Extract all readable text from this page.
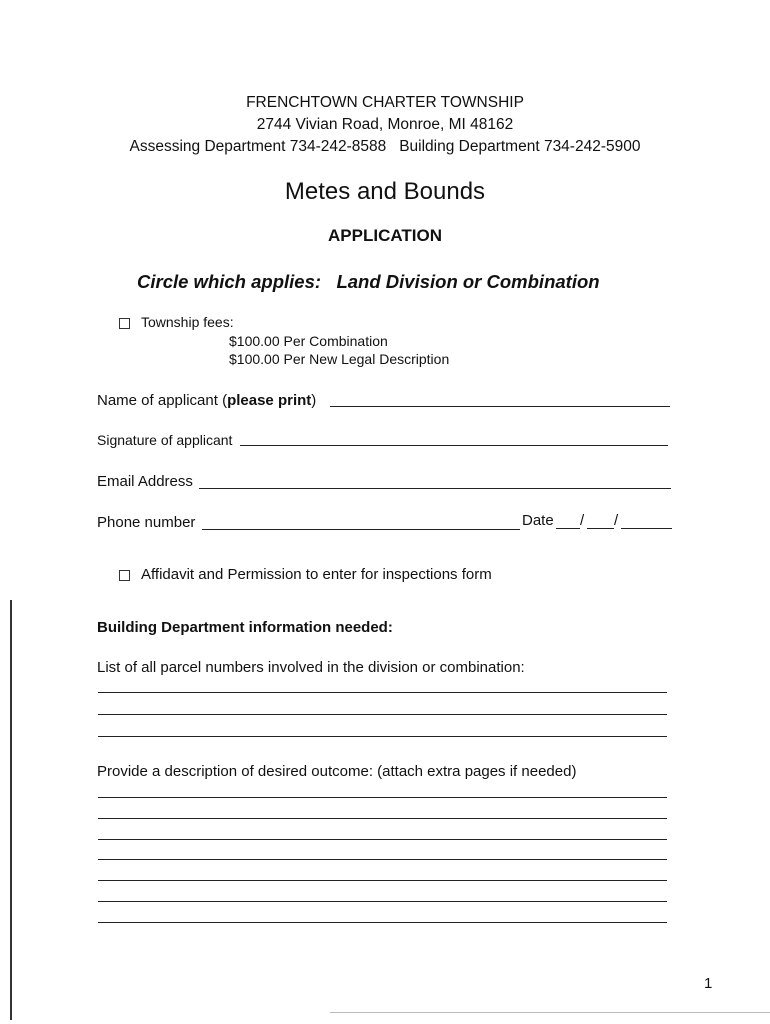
FRENCHTOWN CHARTER TOWNSHIP
2744 Vivian Road, Monroe, MI 48162
Assessing Department 734-242-8588   Building Department 734-242-5900
Metes and Bounds
APPLICATION
Circle which applies: Land Division or Combination
Township fees:
$100.00 Per Combination
$100.00 Per New Legal Description
Name of applicant (please print)
Signature of applicant
Email Address
Phone number	Date / /
Affidavit and Permission to enter for inspections form
Building Department information needed:
List of all parcel numbers involved in the division or combination:
Provide a description of desired outcome: (attach extra pages if needed)
1
